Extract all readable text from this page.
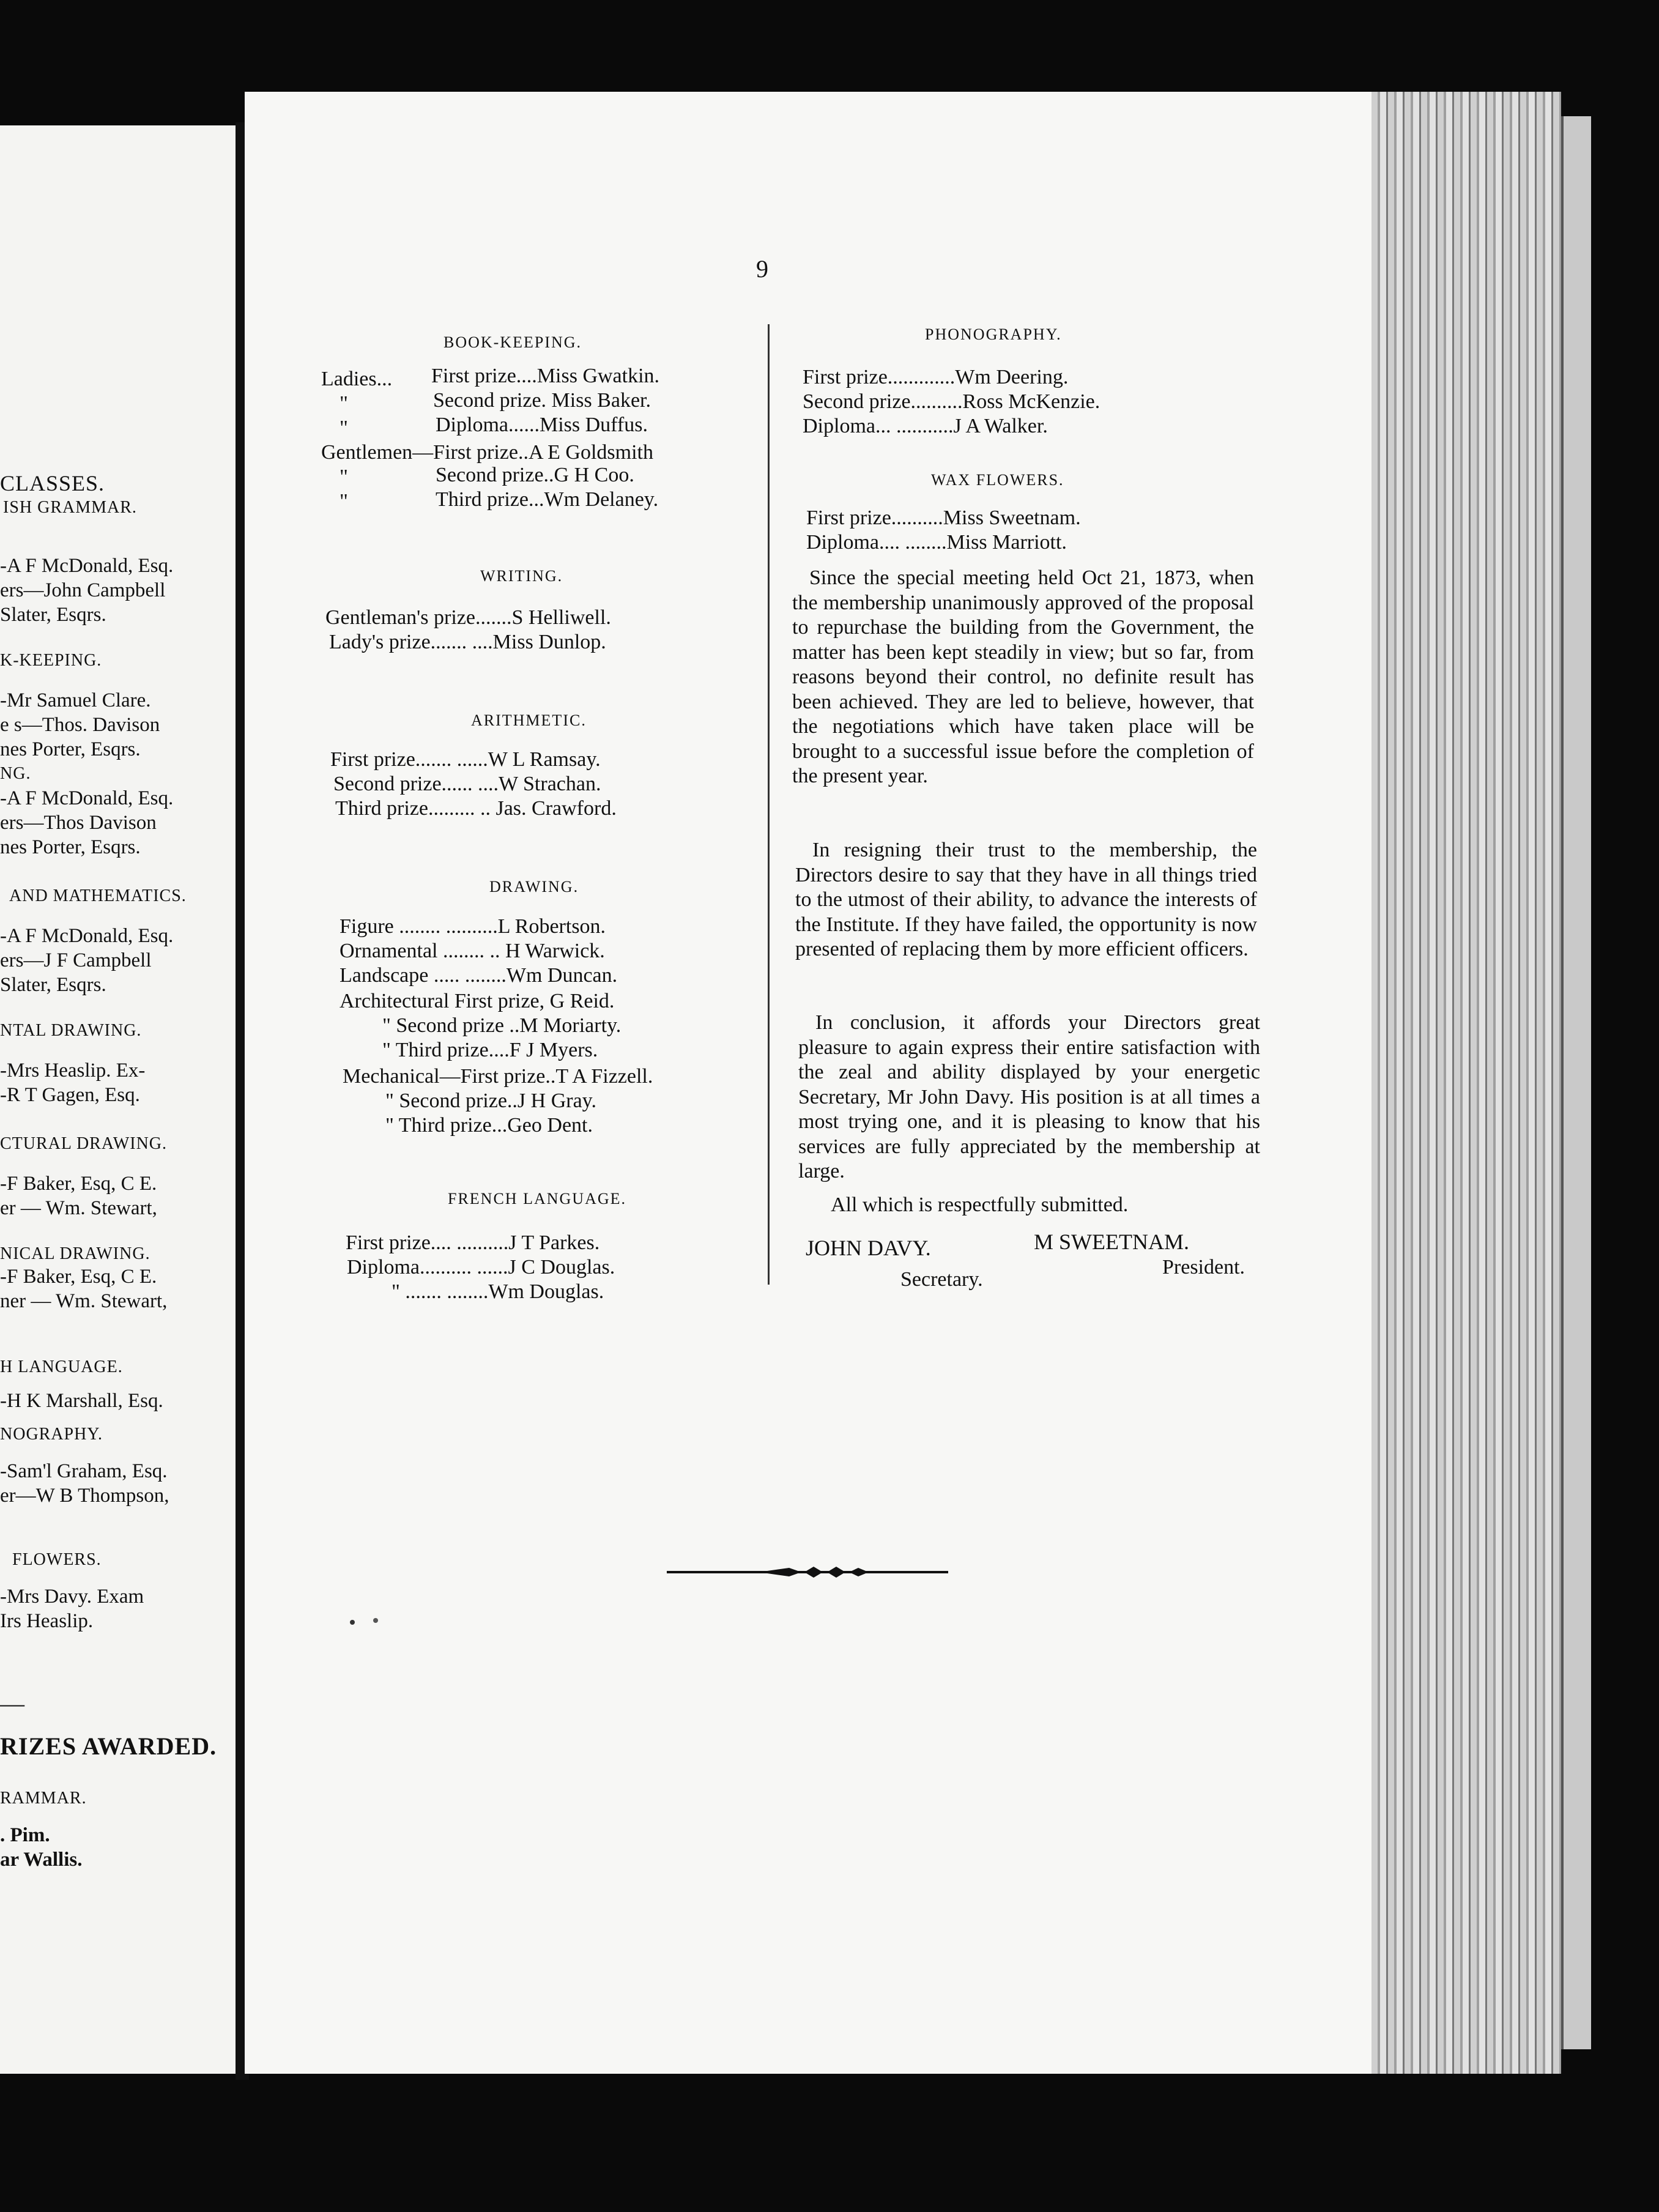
CLASSES.
ISH GRAMMAR.
-A F McDonald, Esq.
ers—John Campbell
Slater, Esqrs.
K-KEEPING.
-Mr Samuel Clare.
e s—Thos. Davison
nes Porter, Esqrs.
NG.
-A F McDonald, Esq.
ers—Thos Davison
nes Porter, Esqrs.
AND MATHEMATICS.
-A F McDonald, Esq.
ers—J F Campbell
Slater, Esqrs.
NTAL DRAWING.
-Mrs Heaslip. Ex-
-R T Gagen, Esq.
CTURAL DRAWING.
-F Baker, Esq, C E.
er — Wm. Stewart,
NICAL DRAWING.
-F Baker, Esq, C E.
ner — Wm. Stewart,
H LANGUAGE.
-H K Marshall, Esq.
NOGRAPHY.
-Sam'l Graham, Esq.
er—W B Thompson,
FLOWERS.
-Mrs Davy. Exam
Irs Heaslip.
—
RIZES AWARDED.
RAMMAR.
. Pim.
ar Wallis.
9
BOOK-KEEPING.
Ladies... First prize....Miss Gwatkin.
"	Second prize. Miss Baker.
"	Diploma......Miss Duffus.
Gentlemen—First prize..A E Goldsmith
"	Second prize..G H Coo.
"	Third prize...Wm Delaney.
WRITING.
Gentleman's prize.......S Helliwell.
Lady's prize....... ....Miss Dunlop.
ARITHMETIC.
First prize....... ......W L Ramsay.
Second prize...... ....W Strachan.
Third prize......... .. Jas. Crawford.
DRAWING.
Figure ........ ..........L Robertson.
Ornamental ........ .. H Warwick.
Landscape ..... ........Wm Duncan.
Architectural First prize, G Reid.
" Second prize ..M Moriarty.
" Third prize....F J Myers.
Mechanical—First prize..T A Fizzell.
" Second prize..J H Gray.
" Third prize...Geo Dent.
FRENCH LANGUAGE.
First prize.... ..........J T Parkes.
Diploma.......... ......J C Douglas.
" ....... ........Wm Douglas.
PHONOGRAPHY.
First prize.............Wm Deering.
Second prize..........Ross McKenzie.
Diploma... ...........J A Walker.
WAX FLOWERS.
First prize..........Miss Sweetnam.
Diploma.... ........Miss Marriott.
Since the special meeting held Oct 21, 1873, when the membership unanimously approved of the proposal to repurchase the building from the Government, the matter has been kept steadily in view; but so far, from reasons beyond their control, no definite result has been achieved. They are led to believe, however, that the negotiations which have taken place will be brought to a successful issue before the completion of the present year.
In resigning their trust to the membership, the Directors desire to say that they have in all things tried to the utmost of their ability, to advance the interests of the Institute. If they have failed, the opportunity is now presented of replacing them by more efficient officers.
In conclusion, it affords your Directors great pleasure to again express their entire satisfaction with the zeal and ability displayed by your energetic Secretary, Mr John Davy. His position is at all times a most trying one, and it is pleasing to know that his services are fully appreciated by the membership at large.
All which is respectfully submitted.
JOHN DAVY.	M SWEETNAM.
Secretary.
President.
